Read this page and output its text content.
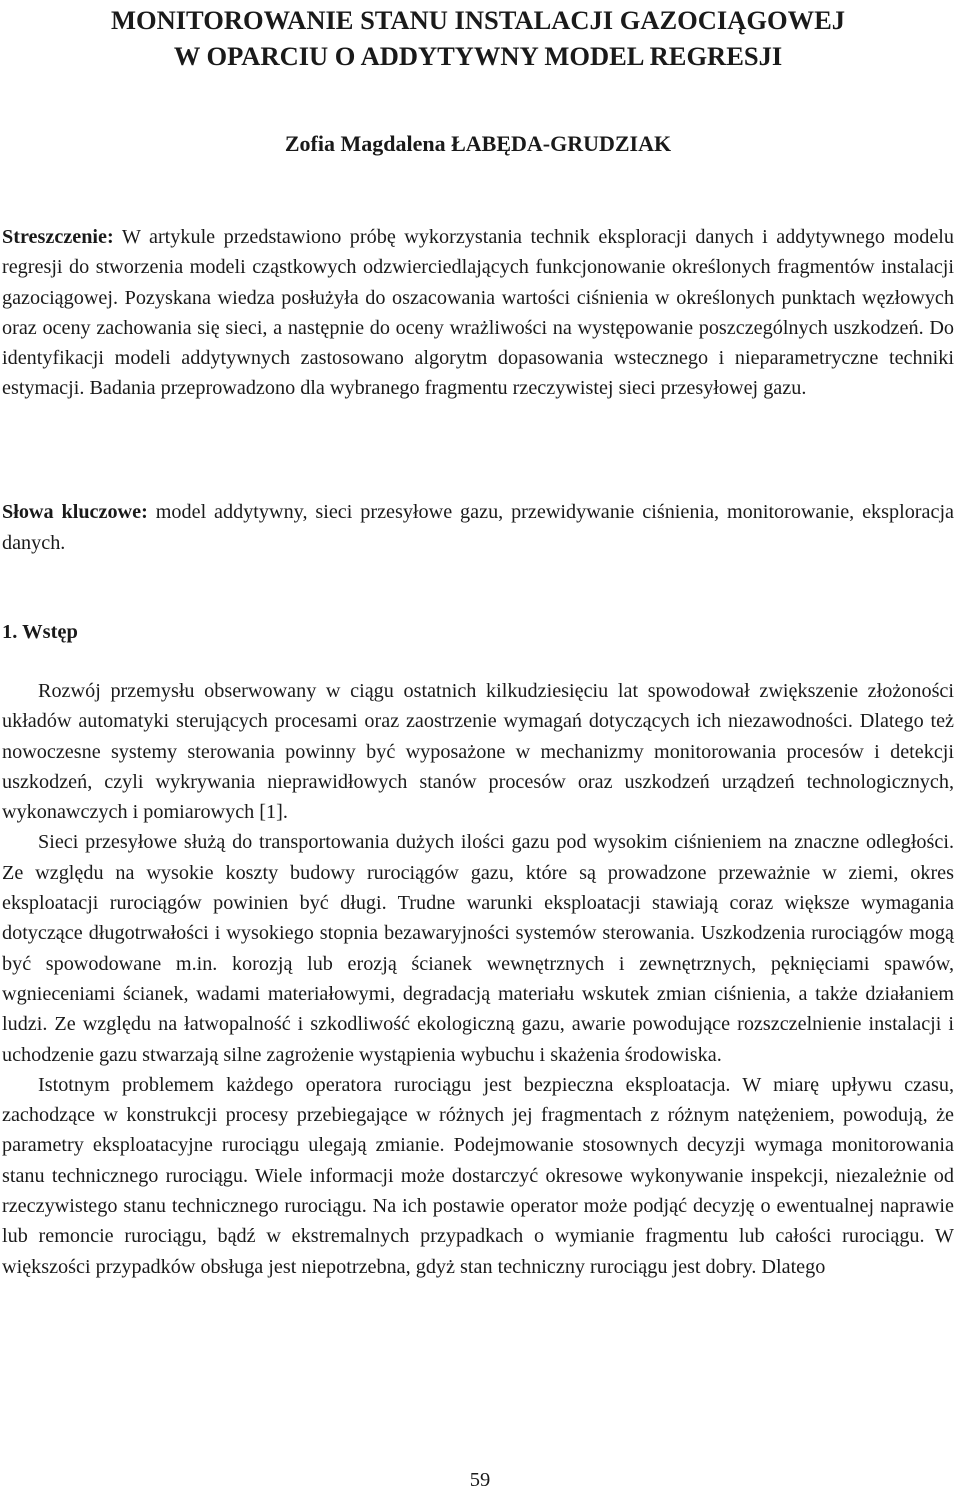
MONITOROWANIE STANU INSTALACJI GAZOCIĄGOWEJ
W OPARCIU O ADDYTYWNY MODEL REGRESJI

Zofia Magdalena ŁABĘDA-GRUDZIAK

Streszczenie: W artykule przedstawiono próbę wykorzystania technik eksploracji danych i addytywnego modelu regresji do stworzenia modeli cząstkowych odzwierciedlających funkcjonowanie określonych fragmentów instalacji gazociągowej. Pozyskana wiedza posłużyła do oszacowania wartości ciśnienia w określonych punktach węzłowych oraz oceny zachowania się sieci, a następnie do oceny wrażliwości na występowanie poszczególnych uszkodzeń. Do identyfikacji modeli addytywnych zastosowano algorytm dopasowania wstecznego i nieparametryczne techniki estymacji. Badania przeprowadzono dla wybranego fragmentu rzeczywistej sieci przesyłowej gazu.

Słowa kluczowe: model addytywny, sieci przesyłowe gazu, przewidywanie ciśnienia, monitorowanie, eksploracja danych.

1. Wstęp

Rozwój przemysłu obserwowany w ciągu ostatnich kilkudziesięciu lat spowodował zwiększenie złożoności układów automatyki sterujących procesami oraz zaostrzenie wymagań dotyczących ich niezawodności. Dlatego też nowoczesne systemy sterowania powinny być wyposażone w mechanizmy monitorowania procesów i detekcji uszkodzeń, czyli wykrywania nieprawidłowych stanów procesów oraz uszkodzeń urządzeń technologicznych, wykonawczych i pomiarowych [1].

Sieci przesyłowe służą do transportowania dużych ilości gazu pod wysokim ciśnieniem na znaczne odległości. Ze względu na wysokie koszty budowy rurociągów gazu, które są prowadzone przeważnie w ziemi, okres eksploatacji rurociągów powinien być długi. Trudne warunki eksploatacji stawiają coraz większe wymagania dotyczące długotrwałości i wysokiego stopnia bezawaryjności systemów sterowania. Uszkodzenia rurociągów mogą być spowodowane m.in. korozją lub erozją ścianek wewnętrznych i zewnętrznych, pęknięciami spawów, wgnieceniami ścianek, wadami materiałowymi, degradacją materiału wskutek zmian ciśnienia, a także działaniem ludzi. Ze względu na łatwopalność i szkodliwość ekologiczną gazu, awarie powodujące rozszczelnienie instalacji i uchodzenie gazu stwarzają silne zagrożenie wystąpienia wybuchu i skażenia środowiska.

Istotnym problemem każdego operatora rurociągu jest bezpieczna eksploatacja. W miarę upływu czasu, zachodzące w konstrukcji procesy przebiegające w różnych jej fragmentach z różnym natężeniem, powodują, że parametry eksploatacyjne rurociągu ulegają zmianie. Podejmowanie stosownych decyzji wymaga monitorowania stanu technicznego rurociągu. Wiele informacji może dostarczyć okresowe wykonywanie inspekcji, niezależnie od rzeczywistego stanu technicznego rurociągu. Na ich postawie operator może podjąć decyzję o ewentualnej naprawie lub remoncie rurociągu, bądź w ekstremalnych przypadkach o wymianie fragmentu lub całości rurociągu. W większości przypadków obsługa jest niepotrzebna, gdyż stan techniczny rurociągu jest dobry. Dlatego

59
